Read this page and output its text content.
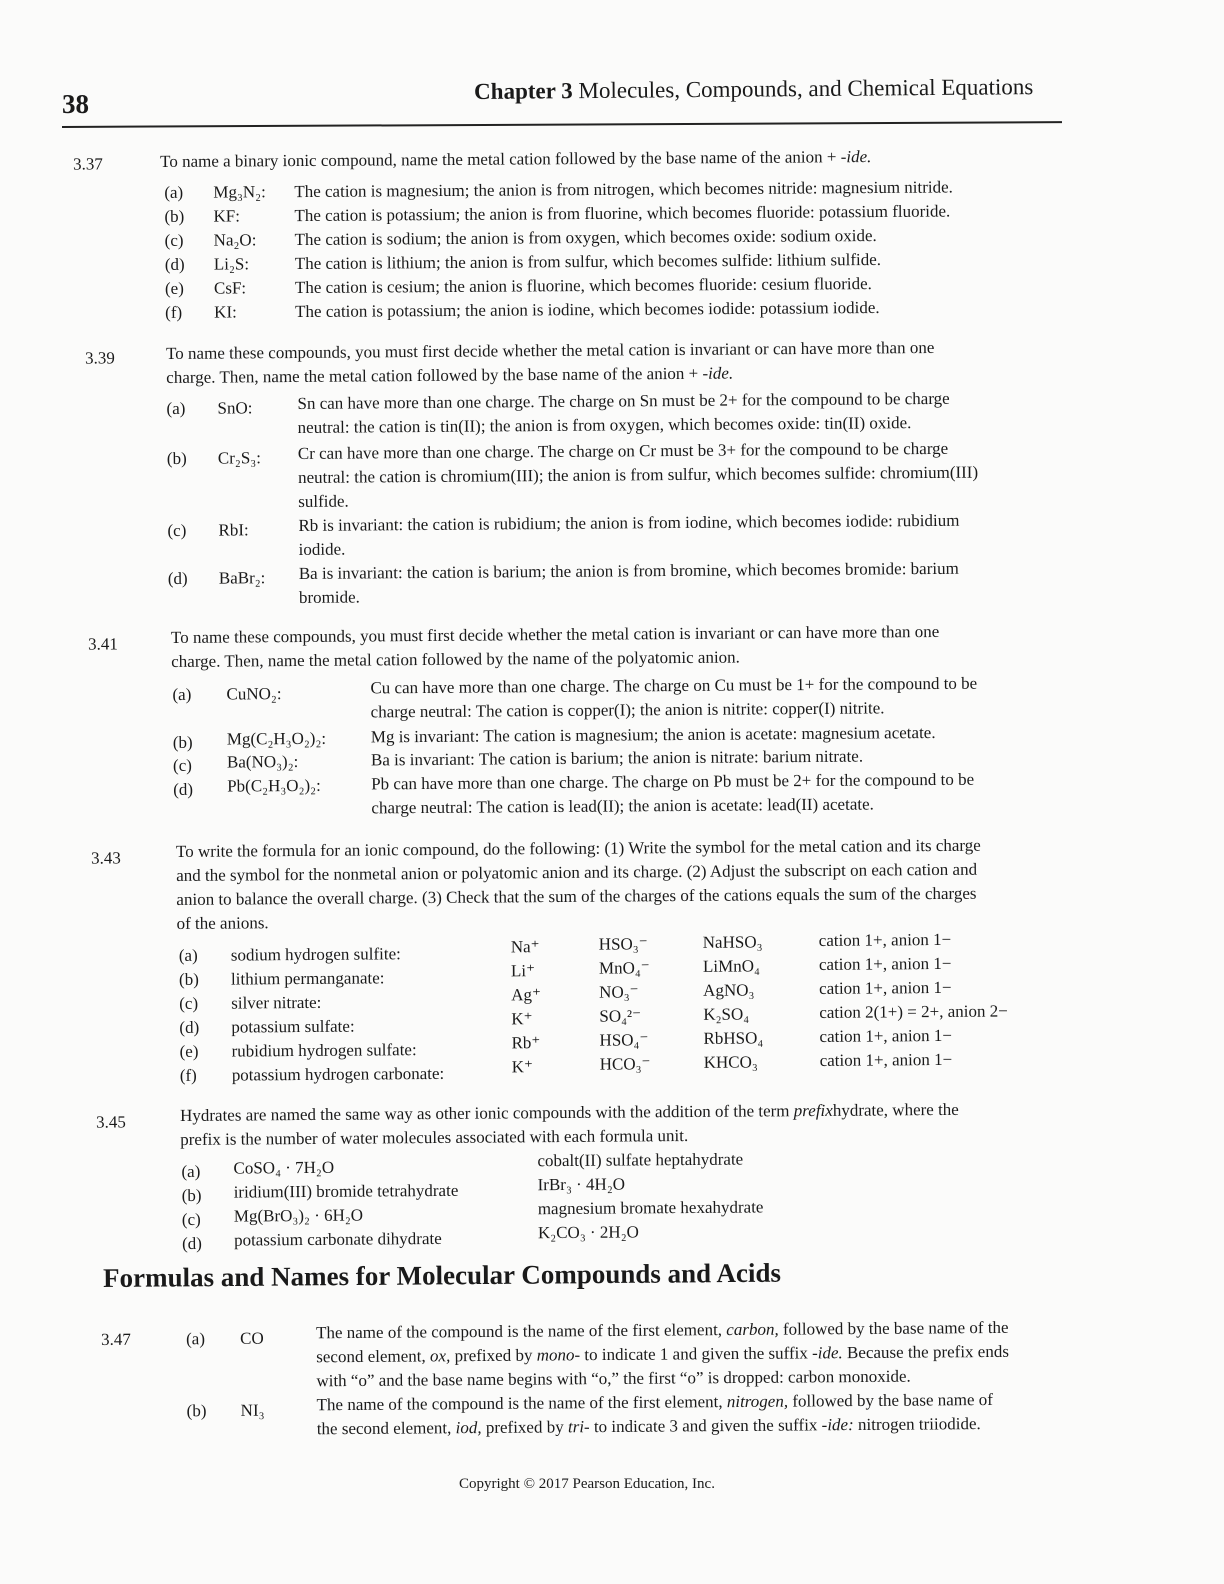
38	Chapter 3 Molecules, Compounds, and Chemical Equations
3.37	To name a binary ionic compound, name the metal cation followed by the base name of the anion + -ide.
(a) Mg₃N₂: The cation is magnesium; the anion is from nitrogen, which becomes nitride: magnesium nitride.
(b) KF:	The cation is potassium; the anion is from fluorine, which becomes fluoride: potassium fluoride.
(c) Na₂O: The cation is sodium; the anion is from oxygen, which becomes oxide: sodium oxide.
(d) Li₂S:	The cation is lithium; the anion is from sulfur, which becomes sulfide: lithium sulfide.
(e) CsF:	The cation is cesium; the anion is fluorine, which becomes fluoride: cesium fluoride.
(f) KI:	The cation is potassium; the anion is iodine, which becomes iodide: potassium iodide.
3.39	To name these compounds, you must first decide whether the metal cation is invariant or can have more than one
charge. Then, name the metal cation followed by the base name of the anion + -ide.
(a) SnO:	Sn can have more than one charge. The charge on Sn must be 2+ for the compound to be charge
neutral: the cation is tin(II); the anion is from oxygen, which becomes oxide: tin(II) oxide.
(b) Cr₂S₃: Cr can have more than one charge. The charge on Cr must be 3+ for the compound to be charge
neutral: the cation is chromium(III); the anion is from sulfur, which becomes sulfide: chromium(III)
sulfide.
(c) RbI:	Rb is invariant: the cation is rubidium; the anion is from iodine, which becomes iodide: rubidium
iodide.
(d) BaBr₂: Ba is invariant: the cation is barium; the anion is from bromine, which becomes bromide: barium
bromide.
3.41	To name these compounds, you must first decide whether the metal cation is invariant or can have more than one
charge. Then, name the metal cation followed by the name of the polyatomic anion.
(a) CuNO₂:	Cu can have more than one charge. The charge on Cu must be 1+ for the compound to be
charge neutral: The cation is copper(I); the anion is nitrite: copper(I) nitrite.
(b) Mg(C₂H₃O₂)₂:	Mg is invariant: The cation is magnesium; the anion is acetate: magnesium acetate.
(c) Ba(NO₃)₂:	Ba is invariant: The cation is barium; the anion is nitrate: barium nitrate.
(d) Pb(C₂H₃O₂)₂:	Pb can have more than one charge. The charge on Pb must be 2+ for the compound to be
charge neutral: The cation is lead(II); the anion is acetate: lead(II) acetate.
3.43	To write the formula for an ionic compound, do the following: (1) Write the symbol for the metal cation and its charge
and the symbol for the nonmetal anion or polyatomic anion and its charge. (2) Adjust the subscript on each cation and
anion to balance the overall charge. (3) Check that the sum of the charges of the cations equals the sum of the charges
of the anions.
(a) sodium hydrogen sulfite:	Na⁺	HSO₃⁻	NaHSO₃	cation 1+, anion 1−
(b) lithium permanganate:	Li⁺	MnO₄⁻	LiMnO₄	cation 1+, anion 1−
(c) silver nitrate:	Ag⁺	NO₃⁻	AgNO₃	cation 1+, anion 1−
(d) potassium sulfate:	K⁺	SO₄²⁻	K₂SO₄	cation 2(1+) = 2+, anion 2−
(e) rubidium hydrogen sulfate:	Rb⁺	HSO₄⁻	RbHSO₄	cation 1+, anion 1−
(f) potassium hydrogen carbonate:	K⁺	HCO₃⁻	KHCO₃	cation 1+, anion 1−
3.45	Hydrates are named the same way as other ionic compounds with the addition of the term prefixhydrate, where the
prefix is the number of water molecules associated with each formula unit.
(a) CoSO₄ · 7H₂O	cobalt(II) sulfate heptahydrate
(b) iridium(III) bromide tetrahydrate	IrBr₃ · 4H₂O
(c) Mg(BrO₃)₂ · 6H₂O	magnesium bromate hexahydrate
(d) potassium carbonate dihydrate	K₂CO₃ · 2H₂O
Formulas and Names for Molecular Compounds and Acids
3.47	(a) CO	The name of the compound is the name of the first element, carbon, followed by the base name of the
second element, ox, prefixed by mono- to indicate 1 and given the suffix -ide. Because the prefix ends
with “o” and the base name begins with “o,” the first “o” is dropped: carbon monoxide.
(b) NI₃	The name of the compound is the name of the first element, nitrogen, followed by the base name of
the second element, iod, prefixed by tri- to indicate 3 and given the suffix -ide: nitrogen triiodide.
Copyright © 2017 Pearson Education, Inc.
